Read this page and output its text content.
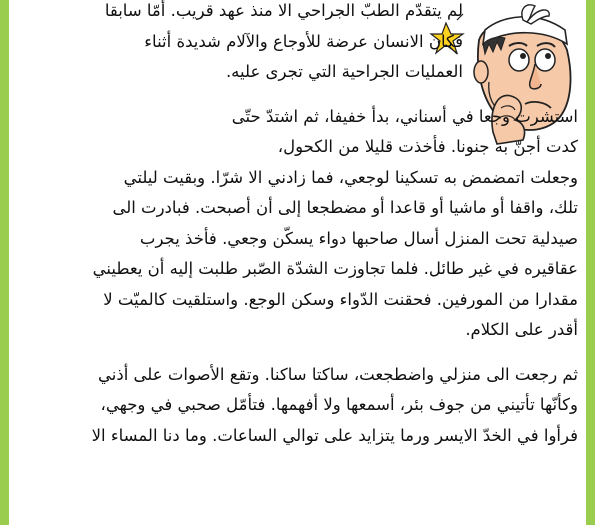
لم يتقدّم الطبّ الجراحي الا منذ عهد قريب. أمّا سابقا
فكان الانسان عرضة للأوجاع والآلام شديدة أثناء
العمليات الجراحية التي تجرى عليه.
استشرت وجعا في أسناني، بدأ خفيفا، ثم اشتدّ حتّى
كدت أجنّ به جنونا. فأخذت قليلا من الكحول،
وجعلت اتمضمض به تسكينا لوجعي، فما زادني الا شرّا. وبقيت ليلتي
تلك، واقفا أو ماشيا أو قاعدا أو مضطجعا إلى أن أصبحت. فبادرت الى
صيدلية تحت المنزل أسال صاحبها دواء يسكّن وجعي. فأخذ يجرب
عقاقيره في غير طائل. فلما تجاوزت الشدّة الصّبر طلبت إليه أن يعطيني
مقدارا من المورفين. فحقنت الدّواء وسكن الوجع. واستلقيت كالميّت لا
أقدر على الكلام.
ثم رجعت الى منزلي واضطجعت، ساكتا ساكنا. وتقع الأصوات على أذني
وكأنّها تأتيني من جوف بئر، أسمعها ولا أفهمها. فتأمّل صحبي في وجهي،
فرأوا في الخدّ الايسر ورما يتزايد على توالي الساعات. وما دنا المساء الا
